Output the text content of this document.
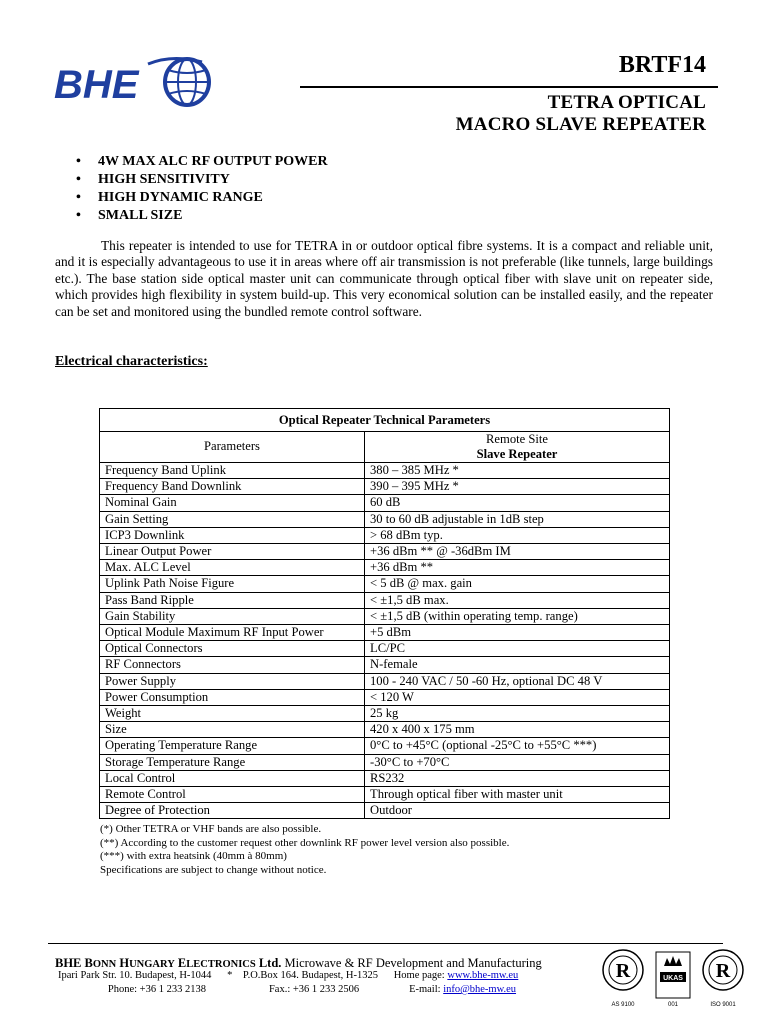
BHE	BRTF14
TETRA OPTICAL
MACRO SLAVE REPEATER
• 4W MAX ALC RF OUTPUT POWER
• HIGH SENSITIVITY
• HIGH DYNAMIC RANGE
• SMALL SIZE

This repeater is intended to use for TETRA in or outdoor optical fibre systems. It is a compact and reliable unit, and it is especially advantageous to use it in areas where off air transmission is not preferable (like tunnels, large buildings etc.). The base station side optical master unit can communicate through optical fiber with slave unit on repeater side, which provides high flexibility in system build-up. This very economical solution can be installed easily, and the repeater can be set and monitored using the bundled remote control software.

Electrical characteristics:
Optical Repeater Technical Parameters	
Parameters	Remote Site
Slave Repeater

Frequency Band Uplink	380 – 385 MHz *
Frequency Band Downlink	390 – 395 MHz *
Nominal Gain	60 dB
Gain Setting	30 to 60 dB adjustable in 1dB step
ICP3 Downlink	> 68 dBm typ.
Linear Output Power	+36 dBm ** @ -36dBm IM
Max. ALC Level	+36 dBm **
Uplink Path Noise Figure	< 5 dB @ max. gain
Pass Band Ripple	< ±1,5 dB max.
Gain Stability	< ±1,5 dB (within operating temp. range)
Optical Module Maximum RF Input Power	+5 dBm
Optical Connectors	LC/PC
RF Connectors	N-female
Power Supply	100 - 240 VAC / 50 -60 Hz, optional DC 48 V
Power Consumption	< 120 W
Weight	25 kg
Size	420 x 400 x 175 mm
Operating Temperature Range	0°C to +45°C (optional -25°C to +55°C ***)
Storage Temperature Range	-30°C to +70°C
Local Control	RS232
Remote Control	Through optical fiber with master unit
Degree of Protection	Outdoor
(*) Other TETRA or VHF bands are also possible.
(**) According to the customer request other downlink RF power level version also possible.
(***) with extra heatsink (40mm à 80mm)
Specifications are subject to change without notice.
BHE BONN HUNGARY ELECTRONICS Ltd. Microwave & RF Development and Manufacturing
Ipari Park Str. 10. Budapest, H-1044 * P.O.Box 164. Budapest, H-1325 Home page: www.bhe-mw.eu
Phone: +36 1 233 2138	Fax.: +36 1 233 2506	E-mail: info@bhe-mw.eu
R
AS 9100
UKAS
001
R
ISO 9001
